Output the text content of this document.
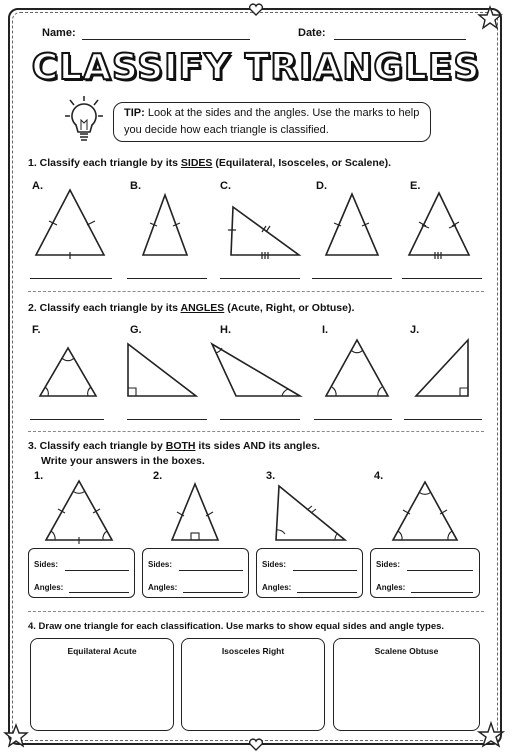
Name:	Date:
CLASSIFY TRIANGLES
TIP: Look at the sides and the angles. Use the marks to help you decide how each triangle is classified.
1. Classify each triangle by its SIDES (Equilateral, Isosceles, or Scalene).
A.	B.	C.	D.	E.
2. Classify each triangle by its ANGLES (Acute, Right, or Obtuse).
F.	G.	H.	I.	J.
3. Classify each triangle by BOTH its sides AND its angles.
Write your answers in the boxes.
1.	2.	3.	4.
Sides:
Angles:
Sides:
Angles:
Sides:
Angles:
Sides:
Angles:
4. Draw one triangle for each classification. Use marks to show equal sides and angle types.
Equilateral Acute	Isosceles Right	Scalene Obtuse
